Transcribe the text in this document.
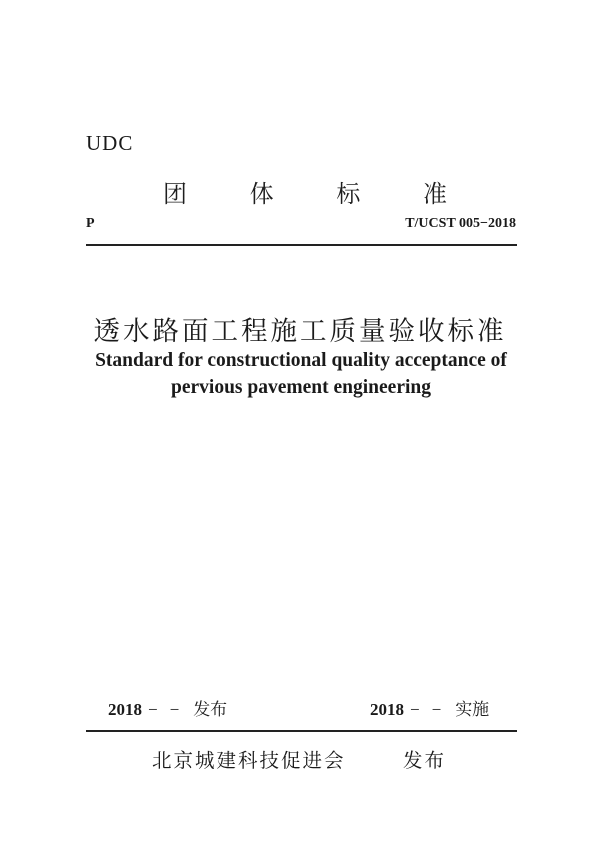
UDC
团	体	标	准
P	T/UCST 005−2018
透水路面工程施工质量验收标准
Standard for constructional quality acceptance of
pervious pavement engineering
2018 − − 发布	2018 − − 实施
北京城建科技促进会	发布
